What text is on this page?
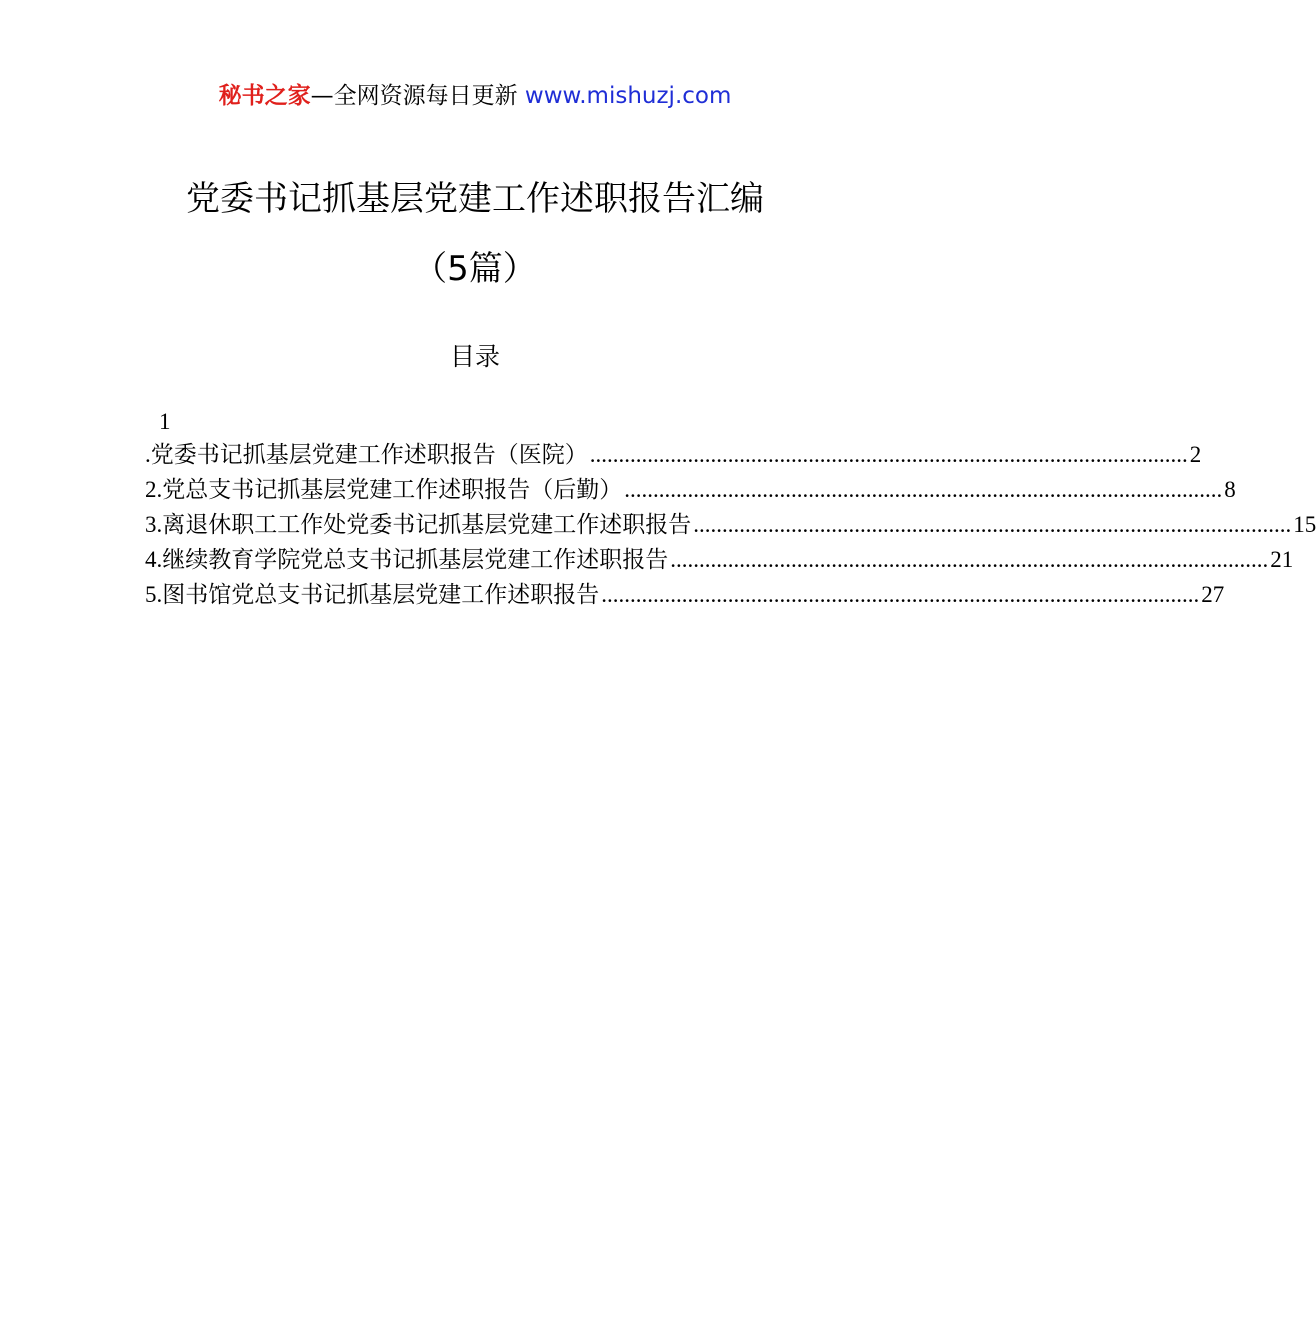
秘书之家—全网资源每日更新 www.mishuzj.com
党委书记抓基层党建工作述职报告汇编
（5篇）
目录
1
.党委书记抓基层党建工作述职报告（医院） ........................................................................................................ 2
2.党总支书记抓基层党建工作述职报告（后勤） ........................................................................................................ 8
3.离退休职工工作处党委书记抓基层党建工作述职报告 ........................................................................................................ 15
4.继续教育学院党总支书记抓基层党建工作述职报告 ........................................................................................................ 21
5.图书馆党总支书记抓基层党建工作述职报告 ........................................................................................................ 27
